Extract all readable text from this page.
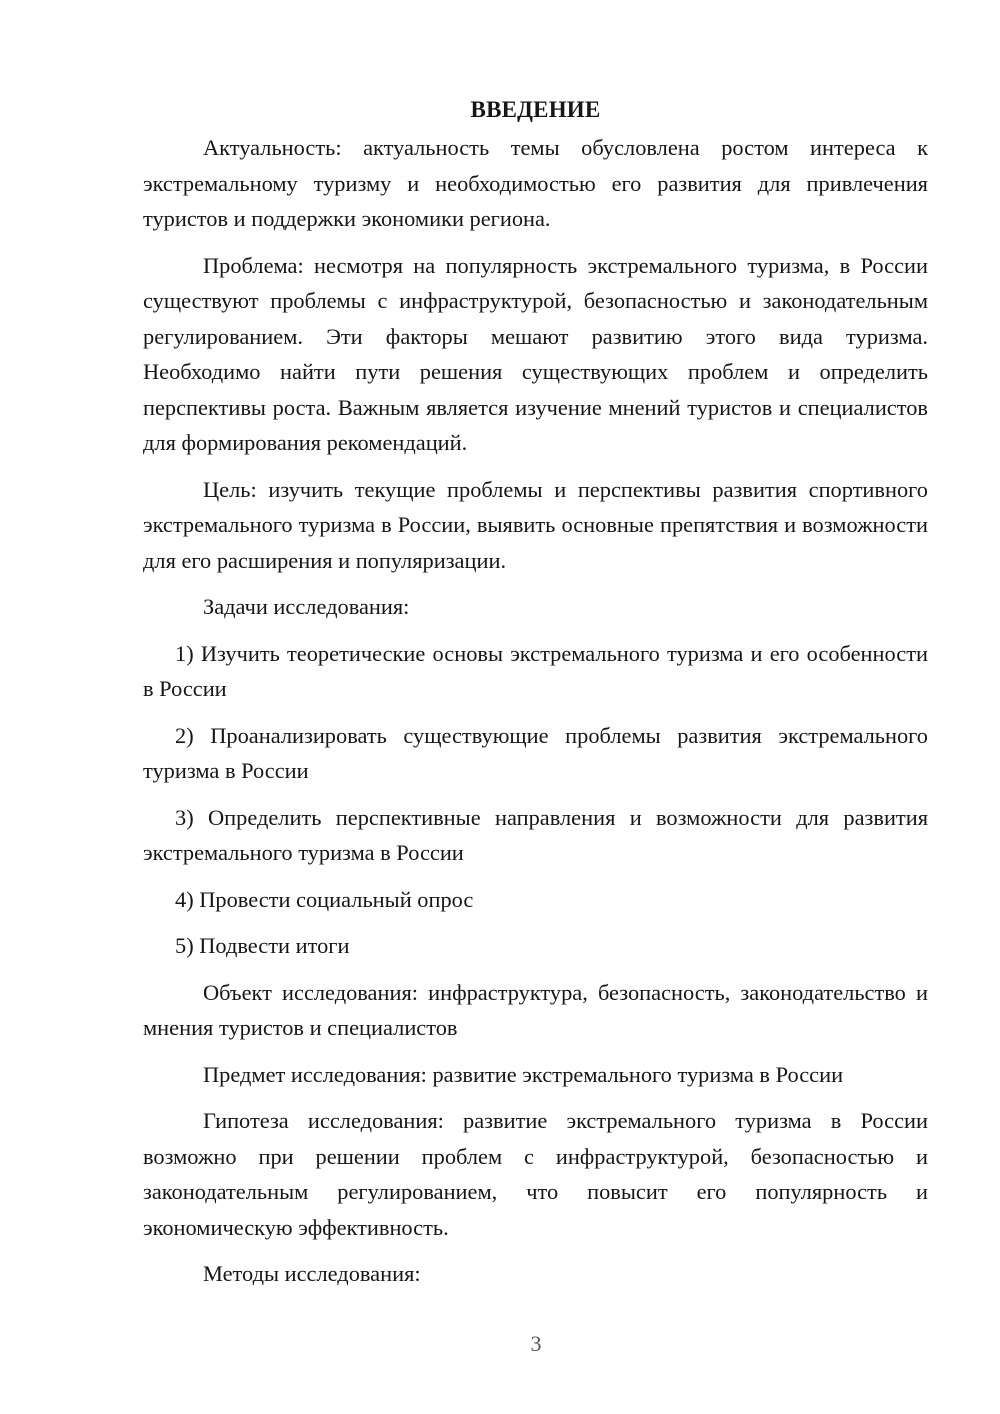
ВВЕДЕНИЕ

Актуальность: актуальность темы обусловлена ростом интереса к экстремальному туризму и необходимостью его развития для привлечения туристов и поддержки экономики региона.

Проблема: несмотря на популярность экстремального туризма, в России существуют проблемы с инфраструктурой, безопасностью и законодательным регулированием. Эти факторы мешают развитию этого вида туризма. Необходимо найти пути решения существующих проблем и определить перспективы роста. Важным является изучение мнений туристов и специалистов для формирования рекомендаций.

Цель: изучить текущие проблемы и перспективы развития спортивного экстремального туризма в России, выявить основные препятствия и возможности для его расширения и популяризации.

Задачи исследования:

1) Изучить теоретические основы экстремального туризма и его особенности в России

2) Проанализировать существующие проблемы развития экстремального туризма в России

3) Определить перспективные направления и возможности для развития экстремального туризма в России

4) Провести социальный опрос

5) Подвести итоги

Объект исследования: инфраструктура, безопасность, законодательство и мнения туристов и специалистов

Предмет исследования: развитие экстремального туризма в России

Гипотеза исследования: развитие экстремального туризма в России возможно при решении проблем с инфраструктурой, безопасностью и законодательным регулированием, что повысит его популярность и экономическую эффективность.

Методы исследования:

3
